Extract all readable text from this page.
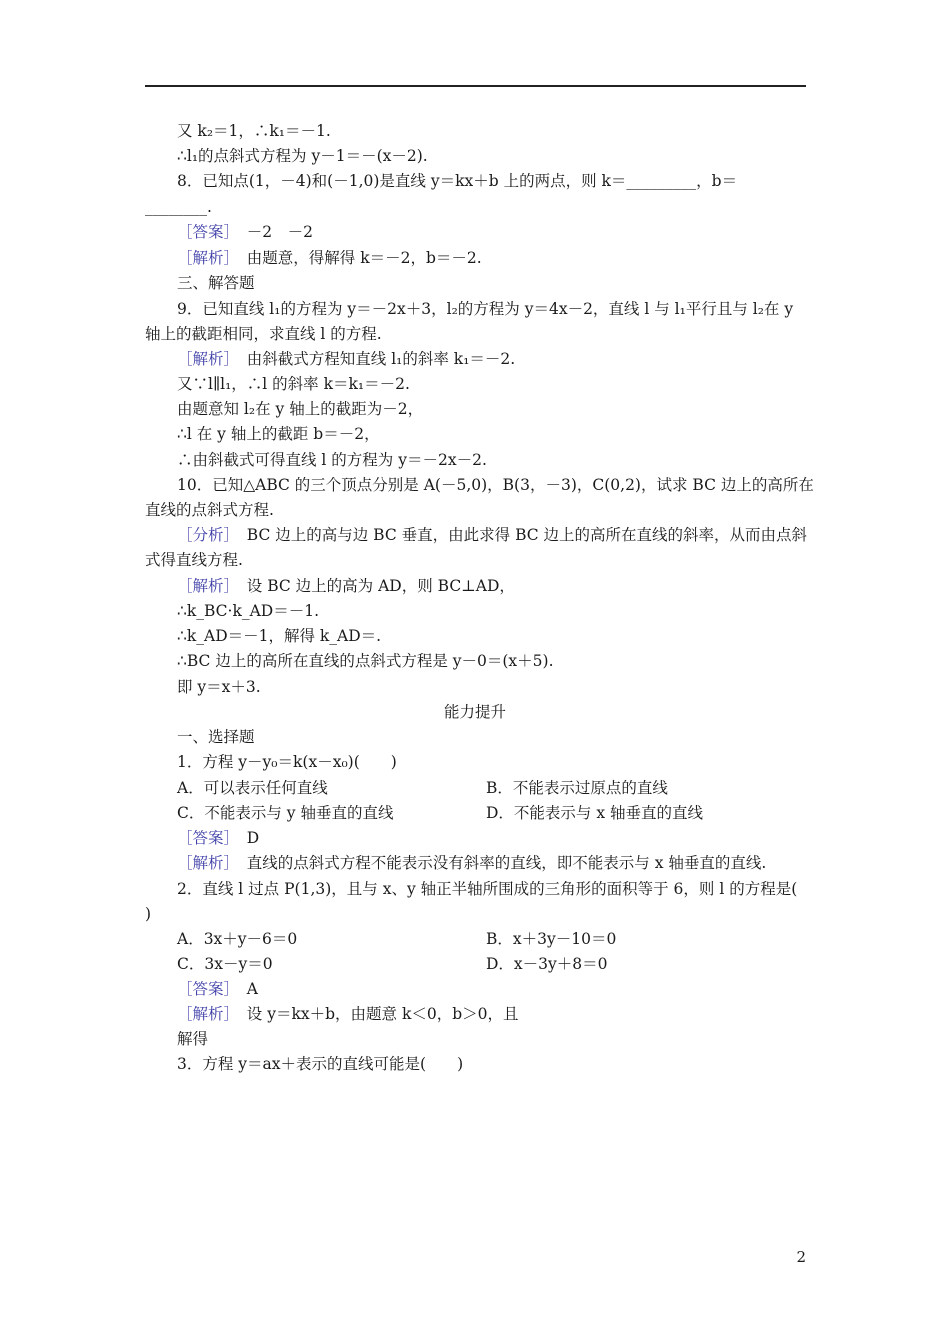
又 k₂＝1，∴k₁＝－1.
∴l₁的点斜式方程为 y－1＝－(x－2).
8．已知点(1，－4)和(－1,0)是直线 y＝kx＋b 上的两点，则 k＝_________，b＝
________.
［答案］　 －2　－2
［解析］　 由题意，得解得 k＝－2，b＝－2.
三、解答题
9．已知直线 l₁的方程为 y＝－2x＋3，l₂的方程为 y＝4x－2，直线 l 与 l₁平行且与 l₂在 y
轴上的截距相同，求直线 l 的方程.
［解析］　 由斜截式方程知直线 l₁的斜率 k₁＝－2.
又∵l∥l₁，∴l 的斜率 k＝k₁＝－2.
由题意知 l₂在 y 轴上的截距为－2，
∴l 在 y 轴上的截距 b＝－2，
∴由斜截式可得直线 l 的方程为 y＝－2x－2.
10．已知△ABC 的三个顶点分别是 A(－5,0)，B(3，－3)，C(0,2)，试求 BC 边上的高所在
直线的点斜式方程.
［分析］　 BC 边上的高与边 BC 垂直，由此求得 BC 边上的高所在直线的斜率，从而由点斜
式得直线方程.
［解析］　 设 BC 边上的高为 AD，则 BC⊥AD，
∴k_BC·k_AD＝－1.
∴k_AD＝－1，解得 k_AD＝.
∴BC 边上的高所在直线的点斜式方程是 y－0＝(x＋5).
即 y＝x＋3.
一、选择题
1．方程 y－y₀＝k(x－x₀)(　　)
A．可以表示任何直线	B．不能表示过原点的直线
C．不能表示与 y 轴垂直的直线	D．不能表示与 x 轴垂直的直线
［答案］　 D
［解析］　 直线的点斜式方程不能表示没有斜率的直线，即不能表示与 x 轴垂直的直线.
2．直线 l 过点 P(1,3)，且与 x、y 轴正半轴所围成的三角形的面积等于 6，则 l 的方程是(
)
A．3x＋y－6＝0	B．x＋3y－10＝0
C．3x－y＝0	D．x－3y＋8＝0
［答案］　 A
［解析］　 设 y＝kx＋b，由题意 k＜0，b＞0，且
解得
3．方程 y＝ax＋表示的直线可能是(　　)
能力提升
2
